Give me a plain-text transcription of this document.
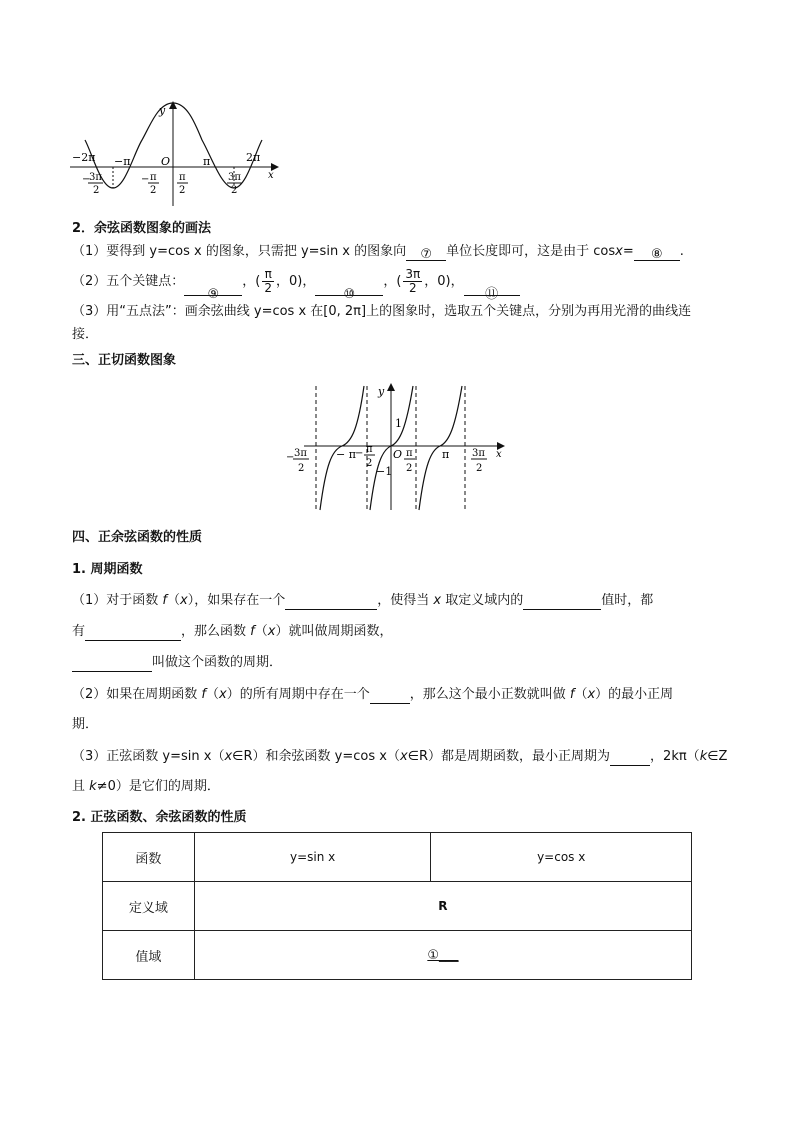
y
x
O
−2π −π	π	2π
−
3π
2
− π
2
π
2
3π
2
2．余弦函数图象的画法
（1）要得到 y=cos x 的图象，只需把 y=sin x 的图象向 ⑦ 单位长度即可，这是由于 cosx= ⑧ .
（2）五个关键点：⑨，( $\frac{\pi}{2}$ ，0)，⑩，( $\frac{3\pi}{2}$ ，0)，⑪
（3）用“五点法”：画余弦曲线 y=cos x 在[0, 2π]上的图象时，选取五个关键点，分别为再用光滑的曲线连
接．
三、正切函数图象
y
x
O
1
−1
− π	π
− 3π
2
− π
2
π
2
3π
2
四、正余弦函数的性质
1. 周期函数
（1）对于函数 f（x），如果存在一个	，使得当 x 取定义域内的	值时，都
有	，那么函数 f（x）就叫做周期函数，
叫做这个函数的周期．
（2）如果在周期函数 f（x）的所有周期中存在一个	，那么这个最小正数就叫做 f（x）的最小正周
期．
（3）正弦函数 y=sin x（x∈R）和余弦函数 y=cos x（x∈R）都是周期函数，最小正周期为	，2kπ（k∈Z
且 k≠0）是它们的周期．
2. 正弦函数、余弦函数的性质
函数	y=sin x	y=cos x
定义域	R	
值域	①___	
